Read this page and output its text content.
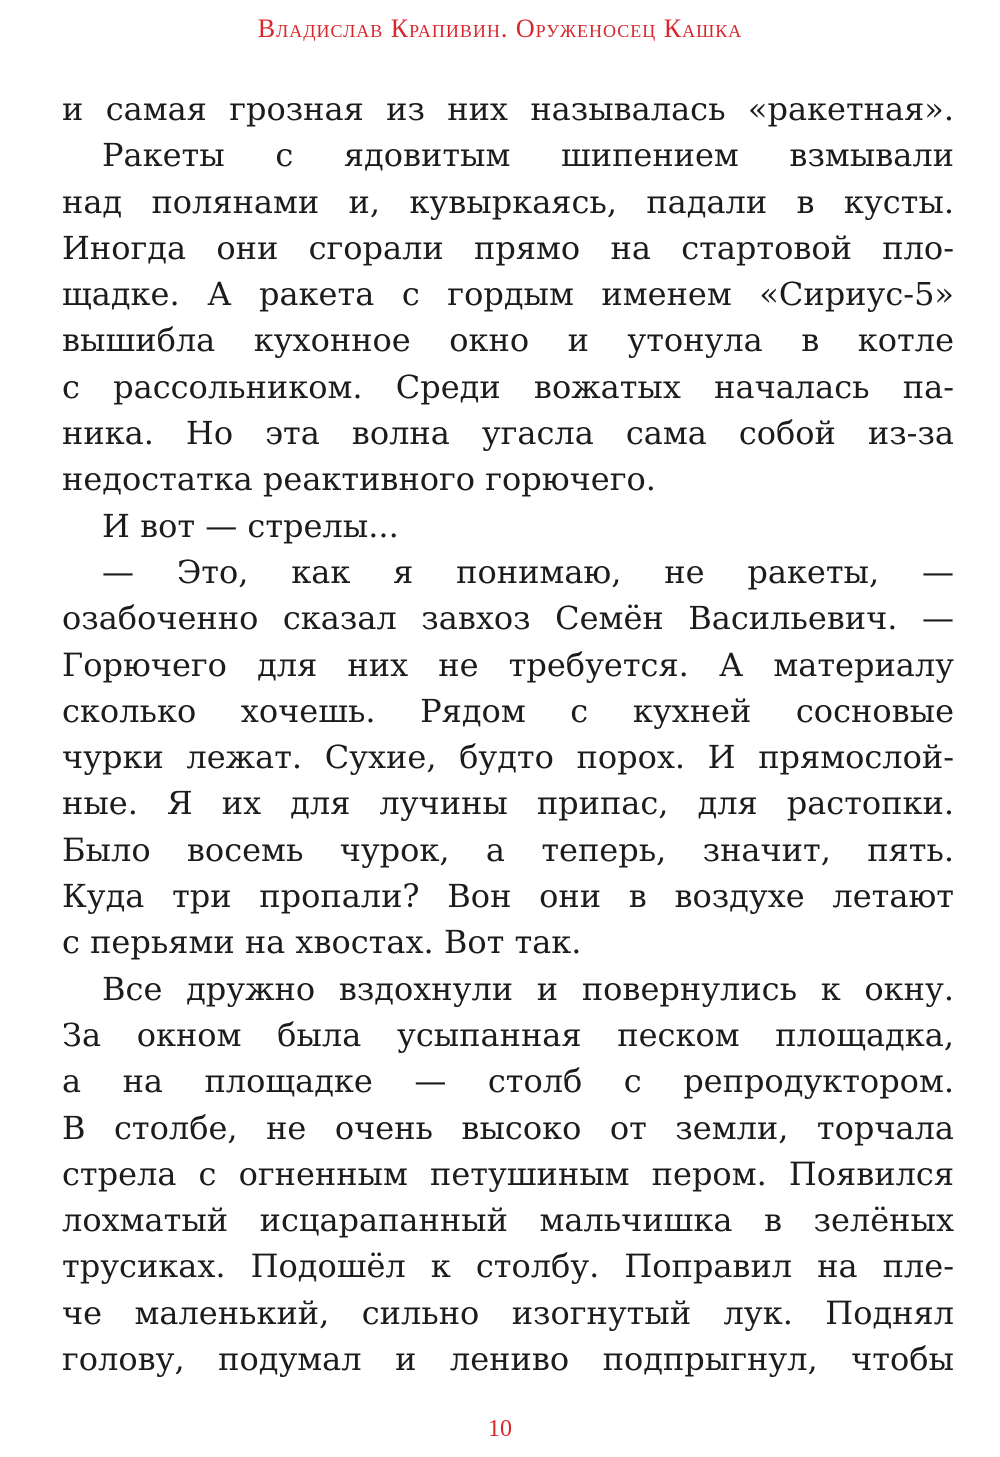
Владислав Крапивин. Оруженосец Кашка
и самая грозная из них называлась «ракетная».
Ракеты с ядовитым шипением взмывали
над полянами и, кувыркаясь, падали в кусты.
Иногда они сгорали прямо на стартовой пло-
щадке. А ракета с гордым именем «Сириус-5»
вышибла кухонное окно и утонула в котле
с рассольником. Среди вожатых началась па-
ника. Но эта волна угасла сама собой из-за
недостатка реактивного горючего.
И вот — стрелы...
— Это, как я понимаю, не ракеты, —
озабоченно сказал завхоз Семён Васильевич. —
Горючего для них не требуется. А материалу
сколько хочешь. Рядом с кухней сосновые
чурки лежат. Сухие, будто порох. И прямослой-
ные. Я их для лучины припас, для растопки.
Было восемь чурок, а теперь, значит, пять.
Куда три пропали? Вон они в воздухе летают
с перьями на хвостах. Вот так.
Все дружно вздохнули и повернулись к окну.
За окном была усыпанная песком площадка,
а на площадке — столб с репродуктором.
В столбе, не очень высоко от земли, торчала
стрела с огненным петушиным пером. Появился
лохматый исцарапанный мальчишка в зелёных
трусиках. Подошёл к столбу. Поправил на пле-
че маленький, сильно изогнутый лук. Поднял
голову, подумал и лениво подпрыгнул, чтобы
10
